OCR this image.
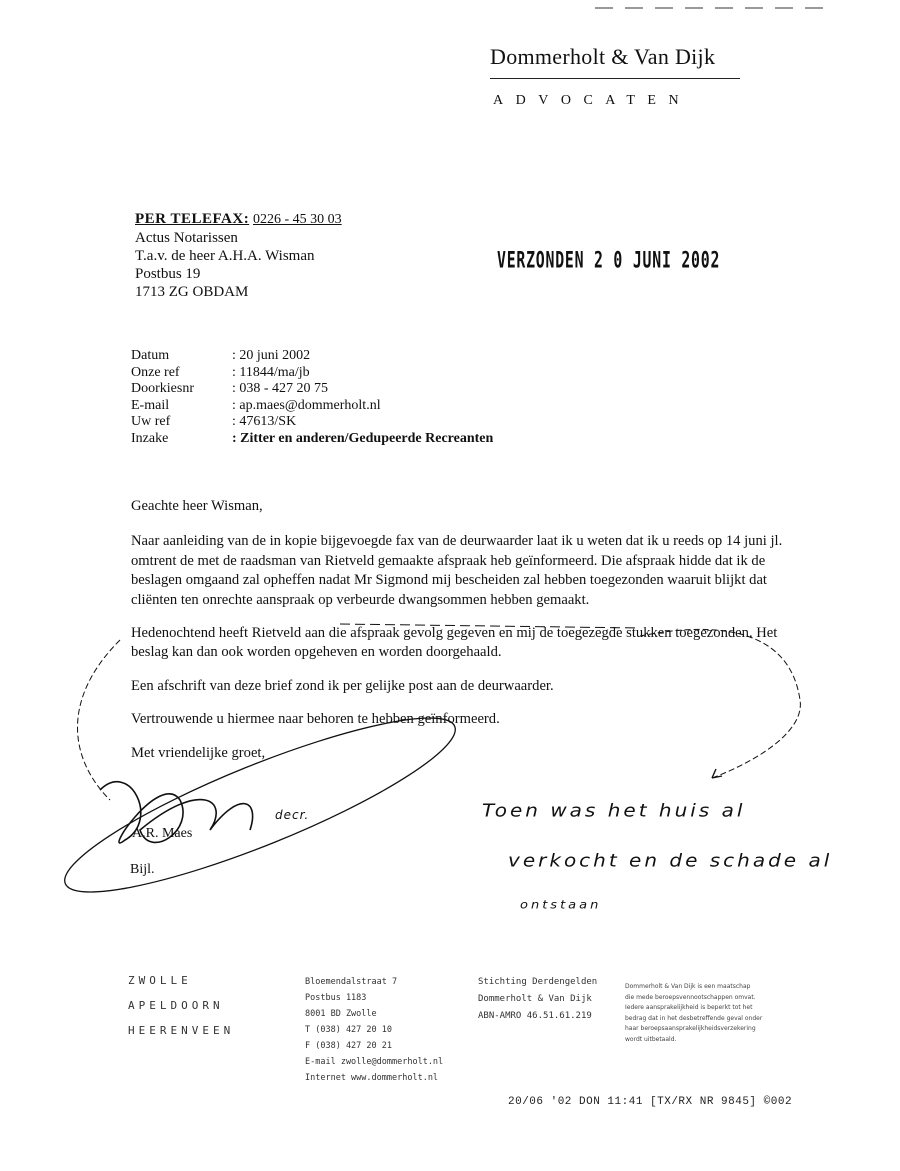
Dommerholt & Van Dijk
ADVOCATEN
PER TELEFAX: 0226 - 45 30 03
Actus Notarissen
T.a.v. de heer A.H.A. Wisman
Postbus 19
1713 ZG OBDAM
VERZONDEN 2 0 JUNI 2002
Datum	: 20 juni 2002
Onze ref	: 11844/ma/jb
Doorkiesnr	: 038 - 427 20 75
E-mail	: ap.maes@dommerholt.nl
Uw ref	: 47613/SK
Inzake	: Zitter en anderen/Gedupeerde Recreanten

Geachte heer Wisman,

Naar aanleiding van de in kopie bijgevoegde fax van de deurwaarder laat ik u weten dat ik u reeds op 14 juni jl. omtrent de met de raadsman van Rietveld gemaakte afspraak heb geïnformeerd. Die afspraak hidde dat ik de beslagen omgaand zal opheffen nadat Mr Sigmond mij bescheiden zal hebben toegezonden waaruit blijkt dat cliënten ten onrechte aanspraak op verbeurde dwangsommen hebben gemaakt.

Hedenochtend heeft Rietveld aan die afspraak gevolg gegeven en mij de toegezegde stukken toegezonden. Het beslag kan dan ook worden opgeheven en worden doorgehaald.

Een afschrift van deze brief zond ik per gelijke post aan de deurwaarder.

Vertrouwende u hiermee naar behoren te hebben geïnformeerd.

Met vriendelijke groet,

A.R. Maes
Bijl.
decr.	Toen was het huis al
verkocht en de schade al
ontstaan
ZWOLLE
APELDOORN
HEERENVEEN
Bloemendalstraat 7
Postbus 1183
8001 BD Zwolle
T (038) 427 20 10
F (038) 427 20 21
E-mail zwolle@dommerholt.nl
Internet www.dommerholt.nl
Stichting Derdengelden
Dommerholt & Van Dijk
ABN-AMRO 46.51.61.219
Dommerholt & Van Dijk is een maatschap
die mede beroepsvennootschappen omvat.
Iedere aansprakelijkheid is beperkt tot het
bedrag dat in het desbetreffende geval onder
haar beroepsaansprakelijkheidsverzekering
wordt uitbetaald.
20/06 '02 DON 11:41 [TX/RX NR 9845] ©002
